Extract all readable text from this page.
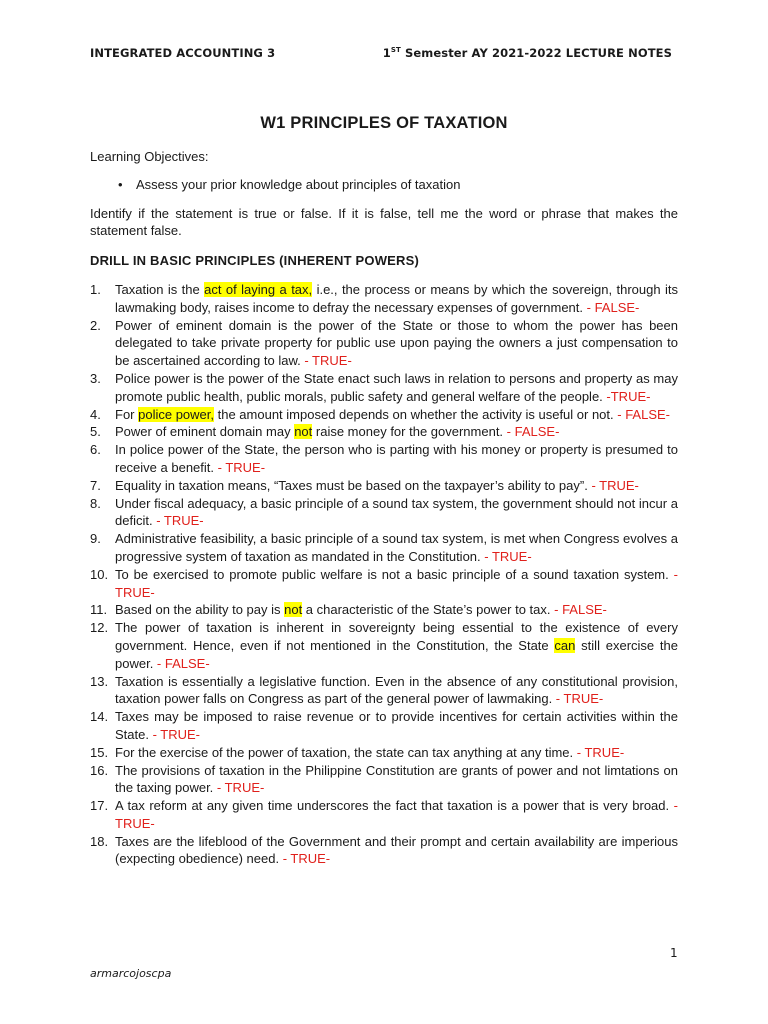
INTEGRATED ACCOUNTING 3	1ST Semester AY 2021-2022 LECTURE NOTES
W1 PRINCIPLES OF TAXATION

Learning Objectives:

• Assess your prior knowledge about principles of taxation

Identify if the statement is true or false. If it is false, tell me the word or phrase that makes the statement false.

DRILL IN BASIC PRINCIPLES (INHERENT POWERS)

1. Taxation is the act of laying a tax, i.e., the process or means by which the sovereign, through its lawmaking body, raises income to defray the necessary expenses of government. - FALSE-
2. Power of eminent domain is the power of the State or those to whom the power has been delegated to take private property for public use upon paying the owners a just compensation to be ascertained according to law. - TRUE-
3. Police power is the power of the State enact such laws in relation to persons and property as may promote public health, public morals, public safety and general welfare of the people. -TRUE-
4. For police power, the amount imposed depends on whether the activity is useful or not. - FALSE-
5. Power of eminent domain may not raise money for the government. - FALSE-
6. In police power of the State, the person who is parting with his money or property is presumed to receive a benefit. - TRUE-
7. Equality in taxation means, “Taxes must be based on the taxpayer’s ability to pay”. - TRUE-
8. Under fiscal adequacy, a basic principle of a sound tax system, the government should not incur a deficit. - TRUE-
9. Administrative feasibility, a basic principle of a sound tax system, is met when Congress evolves a progressive system of taxation as mandated in the Constitution. - TRUE-
10. To be exercised to promote public welfare is not a basic principle of a sound taxation system. - TRUE-
11. Based on the ability to pay is not a characteristic of the State’s power to tax. - FALSE-
12. The power of taxation is inherent in sovereignty being essential to the existence of every government. Hence, even if not mentioned in the Constitution, the State can still exercise the power. - FALSE-
13. Taxation is essentially a legislative function. Even in the absence of any constitutional provision, taxation power falls on Congress as part of the general power of lawmaking. - TRUE-
14. Taxes may be imposed to raise revenue or to provide incentives for certain activities within the State. - TRUE-
15. For the exercise of the power of taxation, the state can tax anything at any time. - TRUE-
16. The provisions of taxation in the Philippine Constitution are grants of power and not limtations on the taxing power. - TRUE-
17. A tax reform at any given time underscores the fact that taxation is a power that is very broad. - TRUE-
18. Taxes are the lifeblood of the Government and their prompt and certain availability are imperious (expecting obedience) need. - TRUE-
1
armarcojoscpa
